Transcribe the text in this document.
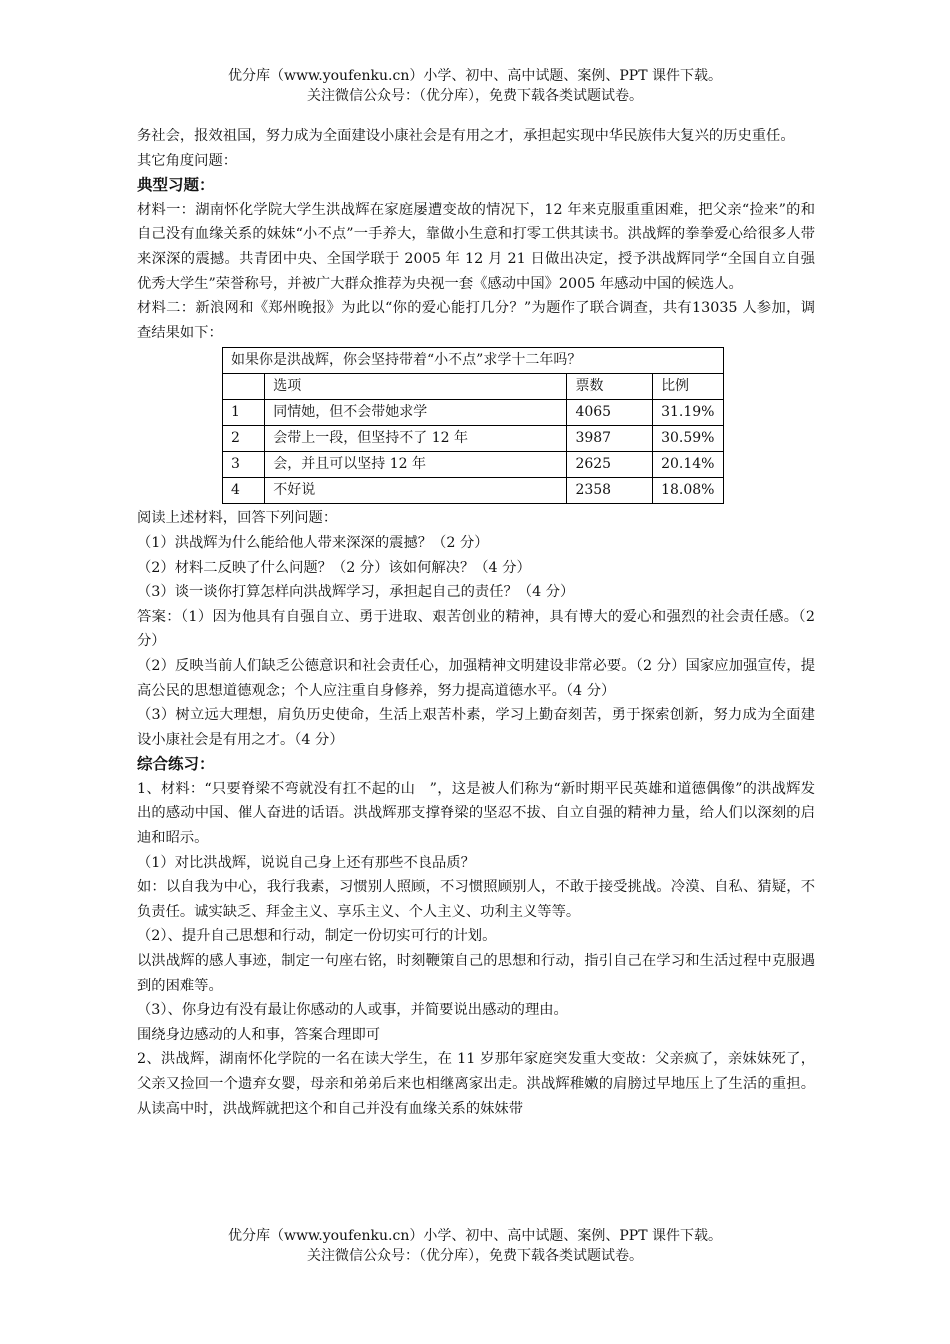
优分库（www.youfenku.cn）小学、初中、高中试题、案例、PPT 课件下载。
关注微信公众号：（优分库），免费下载各类试题试卷。

务社会，报效祖国，努力成为全面建设小康社会是有用之才，承担起实现中华民族伟大复兴的历史重任。

其它角度问题：

典型习题：

材料一：湖南怀化学院大学生洪战辉在家庭屡遭变故的情况下，12 年来克服重重困难，把父亲“捡来”的和自己没有血缘关系的妹妹“小不点”一手养大，靠做小生意和打零工供其读书。洪战辉的拳拳爱心给很多人带来深深的震撼。共青团中央、全国学联于 2005 年 12 月 21 日做出决定，授予洪战辉同学“全国自立自强优秀大学生”荣誉称号，并被广大群众推荐为央视一套《感动中国》2005 年感动中国的候选人。

材料二：新浪网和《郑州晚报》为此以“你的爱心能打几分？”为题作了联合调查，共有13035 人参加，调查结果如下：

如果你是洪战辉，你会坚持带着“小不点”求学十二年吗？			
	选项	票数	比例
1	同情她，但不会带她求学	4065	31.19%
2	会带上一段，但坚持不了 12 年	3987	30.59%
3	会，并且可以坚持 12 年	2625	20.14%
4	不好说	2358	18.08%

阅读上述材料，回答下列问题：

（1）洪战辉为什么能给他人带来深深的震撼？（2 分）

（2）材料二反映了什么问题？（2 分）该如何解决？（4 分）

（3）谈一谈你打算怎样向洪战辉学习，承担起自己的责任？（4 分）

答案：（1）因为他具有自强自立、勇于进取、艰苦创业的精神，具有博大的爱心和强烈的社会责任感。（2 分）

（2）反映当前人们缺乏公德意识和社会责任心，加强精神文明建设非常必要。（2 分）国家应加强宣传，提高公民的思想道德观念；个人应注重自身修养，努力提高道德水平。（4 分）

（3）树立远大理想，肩负历史使命，生活上艰苦朴素，学习上勤奋刻苦，勇于探索创新，努力成为全面建设小康社会是有用之才。（4 分）

综合练习：

1、材料：“只要脊梁不弯就没有扛不起的山　”，这是被人们称为“新时期平民英雄和道德偶像”的洪战辉发出的感动中国、催人奋进的话语。洪战辉那支撑脊梁的坚忍不拔、自立自强的精神力量，给人们以深刻的启迪和昭示。

（1）对比洪战辉，说说自己身上还有那些不良品质？

如：以自我为中心，我行我素，习惯别人照顾，不习惯照顾别人，不敢于接受挑战。冷漠、自私、猜疑，不负责任。诚实缺乏、拜金主义、享乐主义、个人主义、功利主义等等。

（2）、提升自己思想和行动，制定一份切实可行的计划。

以洪战辉的感人事迹，制定一句座右铭，时刻鞭策自己的思想和行动，指引自己在学习和生活过程中克服遇到的困难等。

（3）、你身边有没有最让你感动的人或事，并简要说出感动的理由。

围绕身边感动的人和事，答案合理即可

2、洪战辉，湖南怀化学院的一名在读大学生，在 11 岁那年家庭突发重大变故：父亲疯了，亲妹妹死了，父亲又捡回一个遗弃女婴，母亲和弟弟后来也相继离家出走。洪战辉稚嫩的肩膀过早地压上了生活的重担。从读高中时，洪战辉就把这个和自己并没有血缘关系的妹妹带

优分库（www.youfenku.cn）小学、初中、高中试题、案例、PPT 课件下载。
关注微信公众号：（优分库），免费下载各类试题试卷。
